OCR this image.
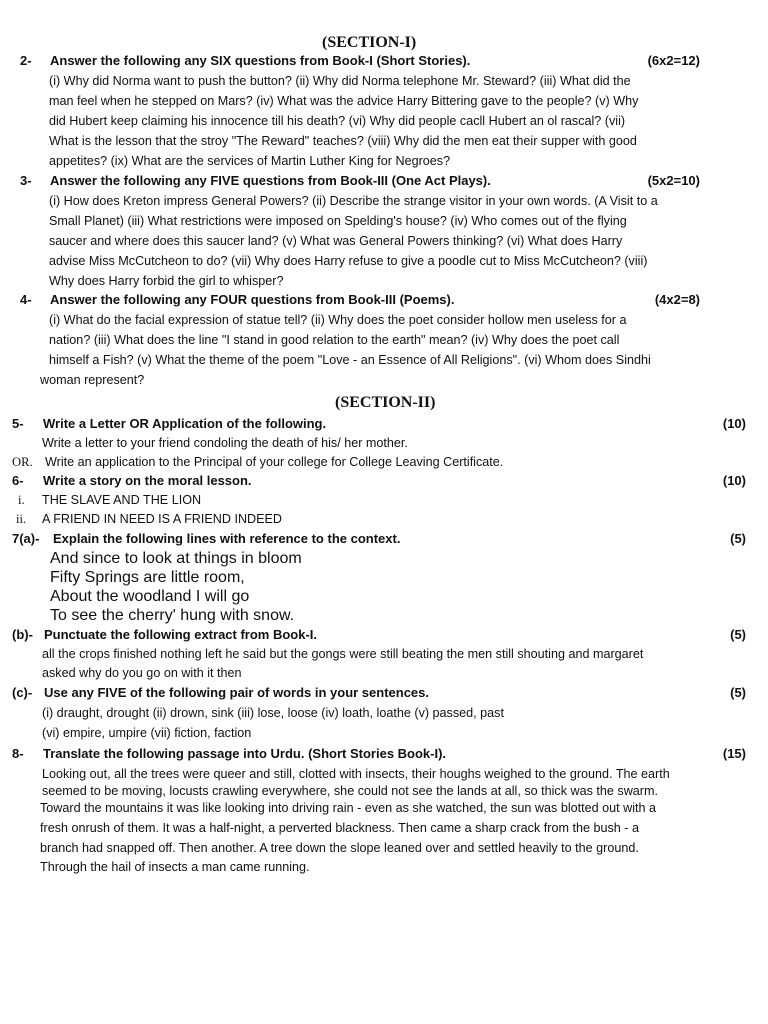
(SECTION-I)
2- Answer the following any SIX questions from Book-I (Short Stories).	(6x2=12)
(i) Why did Norma want to push the button? (ii) Why did Norma telephone Mr. Steward? (iii) What did the
man feel when he stepped on Mars? (iv) What was the advice Harry Bittering gave to the people? (v) Why
did Hubert keep claiming his innocence till his death? (vi) Why did people cacll Hubert an ol rascal? (vii)
What is the lesson that the stroy "The Reward" teaches? (viii) Why did the men eat their supper with good
appetites? (ix) What are the services of Martin Luther King for Negroes?
3- Answer the following any FIVE questions from Book-III (One Act Plays).	(5x2=10)
(i) How does Kreton impress General Powers? (ii) Describe the strange visitor in your own words. (A Visit to a
Small Planet) (iii) What restrictions were imposed on Spelding's house? (iv) Who comes out of the flying
saucer and where does this saucer land? (v) What was General Powers thinking? (vi) What does Harry
advise Miss McCutcheon to do? (vii) Why does Harry refuse to give a poodle cut to Miss McCutcheon? (viii)
Why does Harry forbid the girl to whisper?
4- Answer the following any FOUR questions from Book-III (Poems).	(4x2=8)
(i) What do the facial expression of statue tell? (ii) Why does the poet consider hollow men useless for a
nation? (iii) What does the line "I stand in good relation to the earth" mean? (iv) Why does the poet call
himself a Fish? (v) What the theme of the poem "Love - an Essence of All Religions". (vi) Whom does Sindhi
woman represent?
(SECTION-II)
5- Write a Letter OR Application of the following.	(10)
Write a letter to your friend condoling the death of his/ her mother.
OR. Write an application to the Principal of your college for College Leaving Certificate.
6- Write a story on the moral lesson.	(10)
i. THE SLAVE AND THE LION
ii. A FRIEND IN NEED IS A FRIEND INDEED
7(a)- Explain the following lines with reference to the context.	(5)
And since to look at things in bloom
Fifty Springs are little room,
About the woodland I will go
To see the cherry' hung with snow.
(b)- Punctuate the following extract from Book-I.	(5)
all the crops finished nothing left he said but the gongs were still beating the men still shouting and margaret
asked why do you go on with it then
(c)- Use any FIVE of the following pair of words in your sentences.	(5)
(i) draught, drought (ii) drown, sink (iii) lose, loose (iv) loath, loathe (v) passed, past
(vi) empire, umpire (vii) fiction, faction
8- Translate the following passage into Urdu. (Short Stories Book-I).	(15)
Looking out, all the trees were queer and still, clotted with insects, their houghs weighed to the ground. The earth
seemed to be moving, locusts crawling everywhere, she could not see the lands at all, so thick was the swarm.
Toward the mountains it was like looking into driving rain - even as she watched, the sun was blotted out with a
fresh onrush of them. It was a half-night, a perverted blackness. Then came a sharp crack from the bush - a
branch had snapped off. Then another. A tree down the slope leaned over and settled heavily to the ground.
Through the hail of insects a man came running.
